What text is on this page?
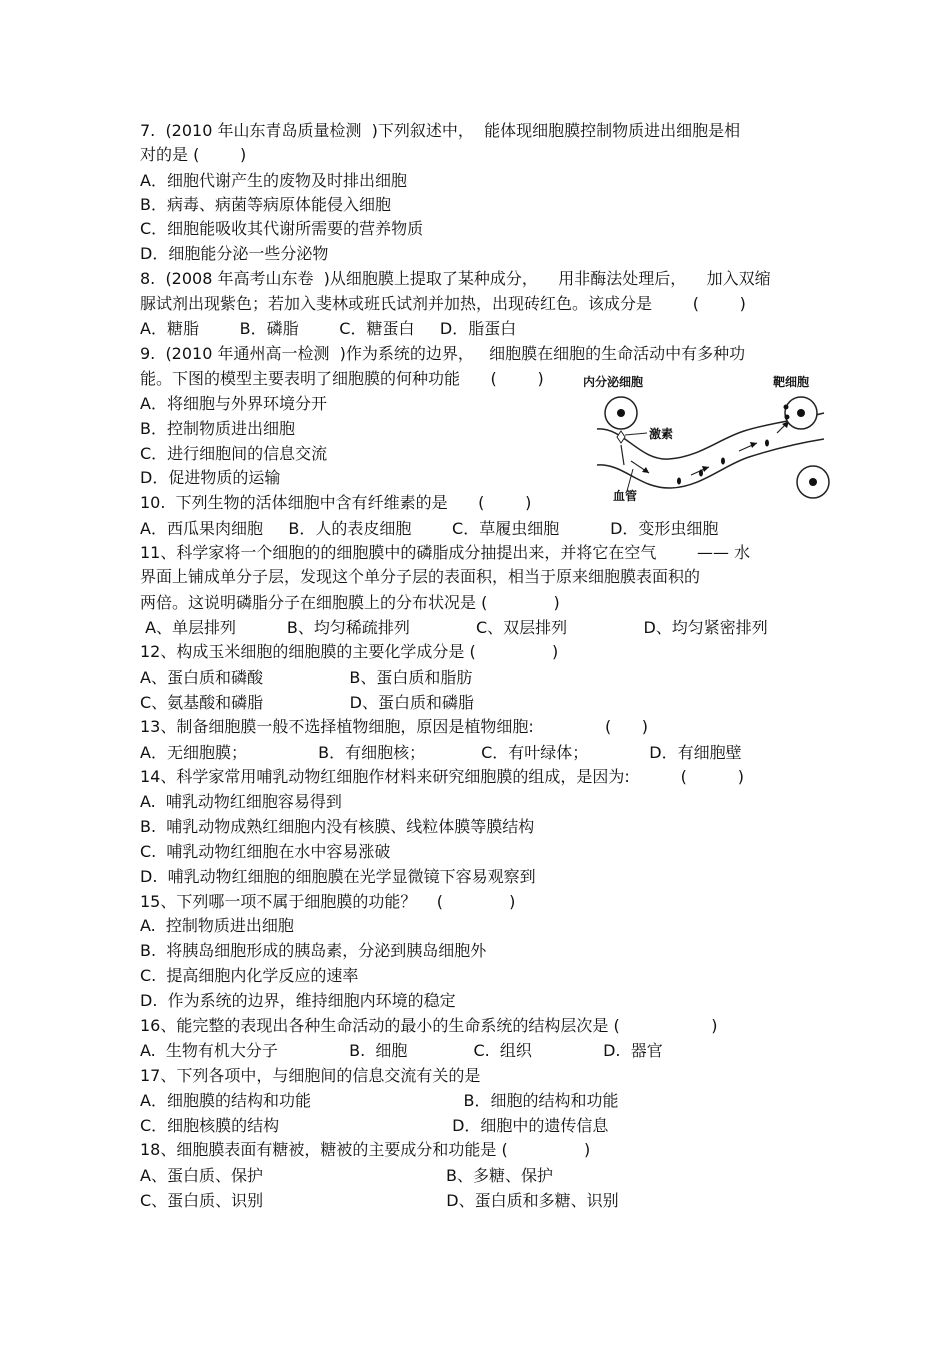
7.  (2010 年山东青岛质量检测  )下列叙述中，  能体现细胞膜控制物质进出细胞是相
对的是 (        )
A．细胞代谢产生的废物及时排出细胞
B．病毒、病菌等病原体能侵入细胞
C．细胞能吸收其代谢所需要的营养物质
D．细胞能分泌一些分泌物
8.  (2008 年高考山东卷  )从细胞膜上提取了某种成分，    用非酶法处理后，    加入双缩
脲试剂出现紫色；若加入斐林或班氏试剂并加热，出现砖红色。该成分是        (        )
A．糖脂        B．磷脂        C．糖蛋白     D．脂蛋白
9.  (2010 年通州高一检测  )作为系统的边界，   细胞膜在细胞的生命活动中有多种功
能。下图的模型主要表明了细胞膜的何种功能      (        )
A．将细胞与外界环境分开
B．控制物质进出细胞
C．进行细胞间的信息交流
D．促进物质的运输
10.  下列生物的活体细胞中含有纤维素的是      (        )
A．西瓜果肉细胞     B．人的表皮细胞        C．草履虫细胞          D．变形虫细胞
11、科学家将一个细胞的的细胞膜中的磷脂成分抽提出来，并将它在空气        —— 水
界面上铺成单分子层，发现这个单分子层的表面积，相当于原来细胞膜表面积的
两倍。这说明磷脂分子在细胞膜上的分布状况是 (             )
A、单层排列          B、均匀稀疏排列             C、双层排列               D、均匀紧密排列
12、构成玉米细胞的细胞膜的主要化学成分是 (               )
A、蛋白质和磷酸                 B、蛋白质和脂肪
C、氨基酸和磷脂                 D、蛋白质和磷脂
13、制备细胞膜一般不选择植物细胞，原因是植物细胞:              (      )
A．无细胞膜；              B．有细胞核；           C．有叶绿体；            D．有细胞壁
14、科学家常用哺乳动物红细胞作材料来研究细胞膜的组成，是因为:          (          )
A.  哺乳动物红细胞容易得到
B.  哺乳动物成熟红细胞内没有核膜、线粒体膜等膜结构
C.  哺乳动物红细胞在水中容易涨破
D.  哺乳动物红细胞的细胞膜在光学显微镜下容易观察到
15、下列哪一项不属于细胞膜的功能？    (             )
A.  控制物质进出细胞
B.  将胰岛细胞形成的胰岛素，分泌到胰岛细胞外
C.  提高细胞内化学反应的速率
D.  作为系统的边界，维持细胞内环境的稳定
16、能完整的表现出各种生命活动的最小的生命系统的结构层次是 (                  )
A.  生物有机大分子              B.  细胞             C.  组织              D.  器官
17、下列各项中，与细胞间的信息交流有关的是
A．细胞膜的结构和功能                              B．细胞的结构和功能
C．细胞核膜的结构                                  D．细胞中的遗传信息
18、细胞膜表面有糖被，糖被的主要成分和功能是 (               )
A、蛋白质、保护                                    B、多糖、保护
C、蛋白质、识别                                    D、蛋白质和多糖、识别
内分泌细胞	靶细胞
激素
血管
